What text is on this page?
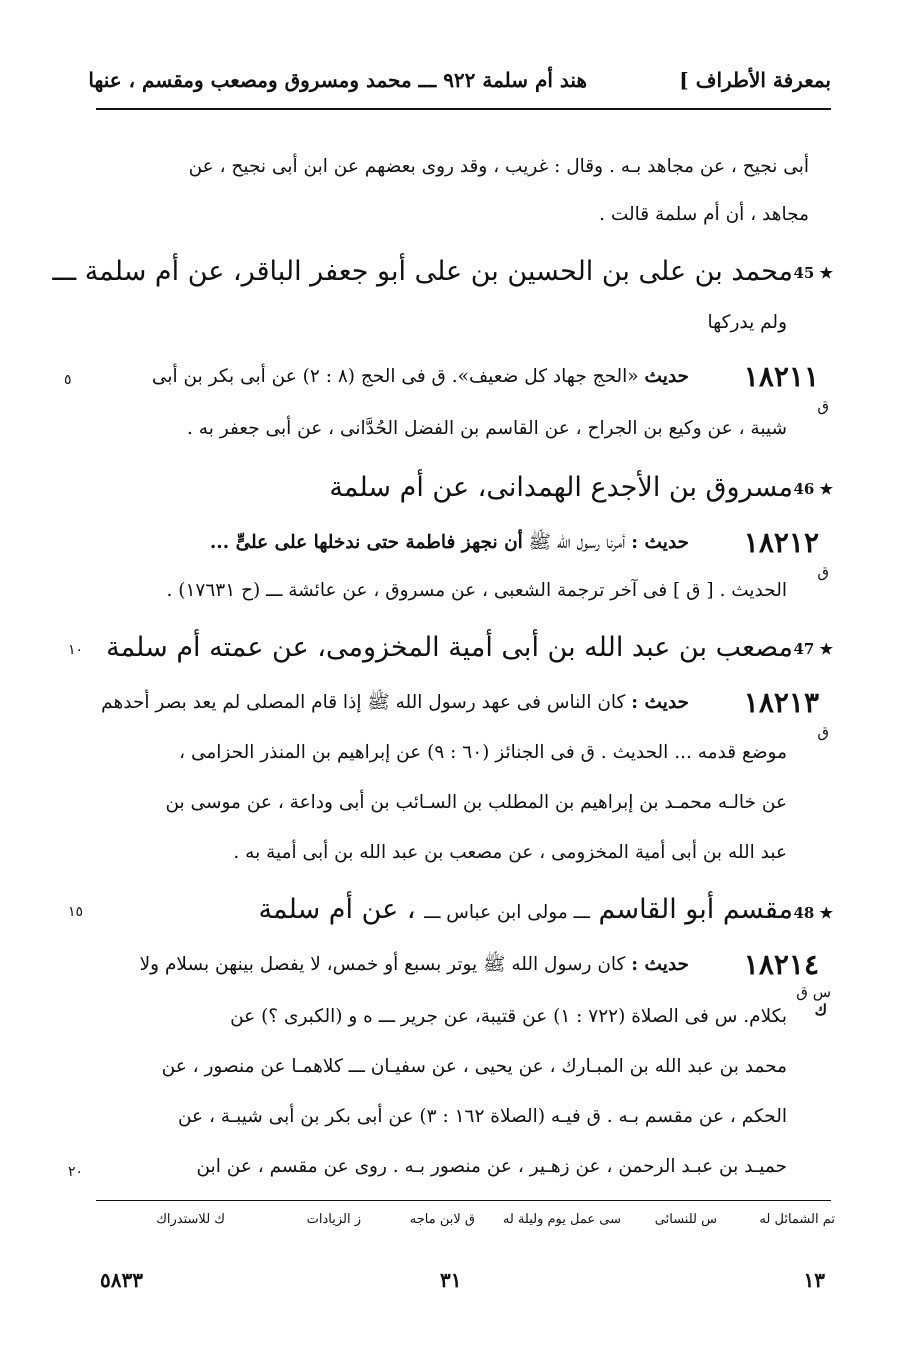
بمعرفة الأطراف ]
هند أم سلمة ٩٢٢ ـــ محمد ومسروق ومصعب ومقسم ، عنها
أبى نجيح ، عن مجاهد بـه . وقال : غريب ، وقد روى بعضهم عن ابن أبى نجيح ، عن
مجاهد ، أن أم سلمة قالت .
45 ★
محمد بن على بن الحسين بن على أبو جعفر الباقر، عن أم سلمة ـــ
ولم يدركها
١٨٢١١
ق
حديث «الحج جهاد كل ضعيف». ق فى الحج (٨ : ٢) عن أبى بكر بن أبى
٥
شيبة ، عن وكيع بن الجراح ، عن القاسم بن الفضل الحُدَّانى ، عن أبى جعفر به .
46 ★
مسروق بن الأجدع الهمدانى، عن أم سلمة
١٨٢١٢
ق
حديث : أمرنا رسول الله ﷺ أن نجهز فاطمة حتى ندخلها على علىٍّ ...
الحديث . [ ق ] فى آخر ترجمة الشعبى ، عن مسروق ، عن عائشة ـــ (ح ١٧٦٣١) .
47 ★
مصعب بن عبد الله بن أبى أمية المخزومى، عن عمته أم سلمة
١٠
١٨٢١٣
ق
حديث : كان الناس فى عهد رسول الله ﷺ إذا قام المصلى لم يعد بصر أحدهم
موضع قدمه ... الحديث . ق فى الجنائز (٦٠ : ٩) عن إبراهيم بن المنذر الحزامى ،
عن خالـه محمـد بن إبراهيم بن المطلب بن السـائب بن أبى وداعة ، عن موسى بن
عبد الله بن أبى أمية المخزومى ، عن مصعب بن عبد الله بن أبى أمية به .
48 ★
مقسم أبو القاسم ـــ مولى ابن عباس ـــ ، عن أم سلمة
١٥
١٨٢١٤
س ق
ك
حديث : كان رسول الله ﷺ يوتر بسبع أو خمس، لا يفصل بينهن بسلام ولا
بكلام. س فى الصلاة (٧٢٢ : ١) عن قتيبة، عن جرير ـــ ه و (الكبرى ؟) عن
محمد بن عبد الله بن المبـارك ، عن يحيى ، عن سفيـان ـــ كلاهمـا عن منصور ، عن
الحكم ، عن مقسم بـه . ق فيـه (الصلاة ١٦٢ : ٣) عن أبى بكر بن أبى شيبـة ، عن
حميـد بن عبـد الرحمن ، عن زهـير ، عن منصور بـه . روى عن مقسم ، عن ابن
٢٠
تم الشمائل له
س للنسائى
سى عمل يوم وليلة له
ق لابن ماجه
ز الزيادات
ك للاستدراك
٥٨٣٣	٣١	١٣
